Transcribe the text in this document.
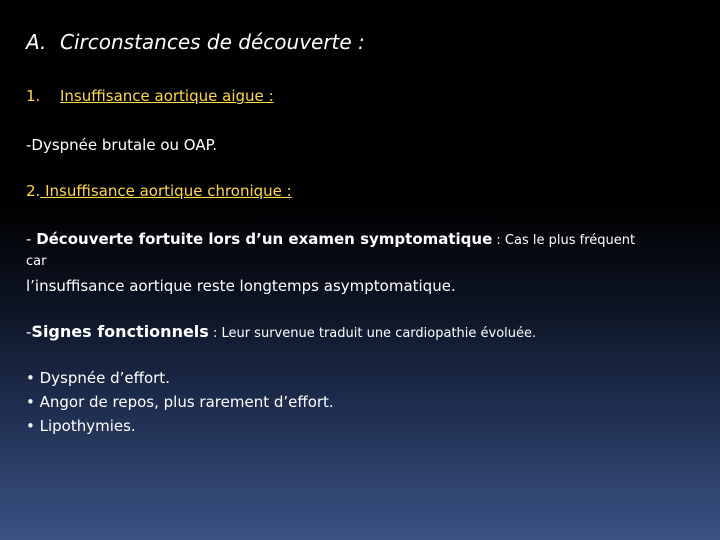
A. Circonstances de découverte :
1. Insuffisance aortique aigue :
-Dyspnée brutale ou OAP.
2. Insuffisance aortique chronique :
- Découverte fortuite lors d’un examen symptomatique : Cas le plus fréquent
car
l’insuffisance aortique reste longtemps asymptomatique.
-Signes fonctionnels : Leur survenue traduit une cardiopathie évoluée.
• Dyspnée d’effort.
• Angor de repos, plus rarement d’effort.
• Lipothymies.
